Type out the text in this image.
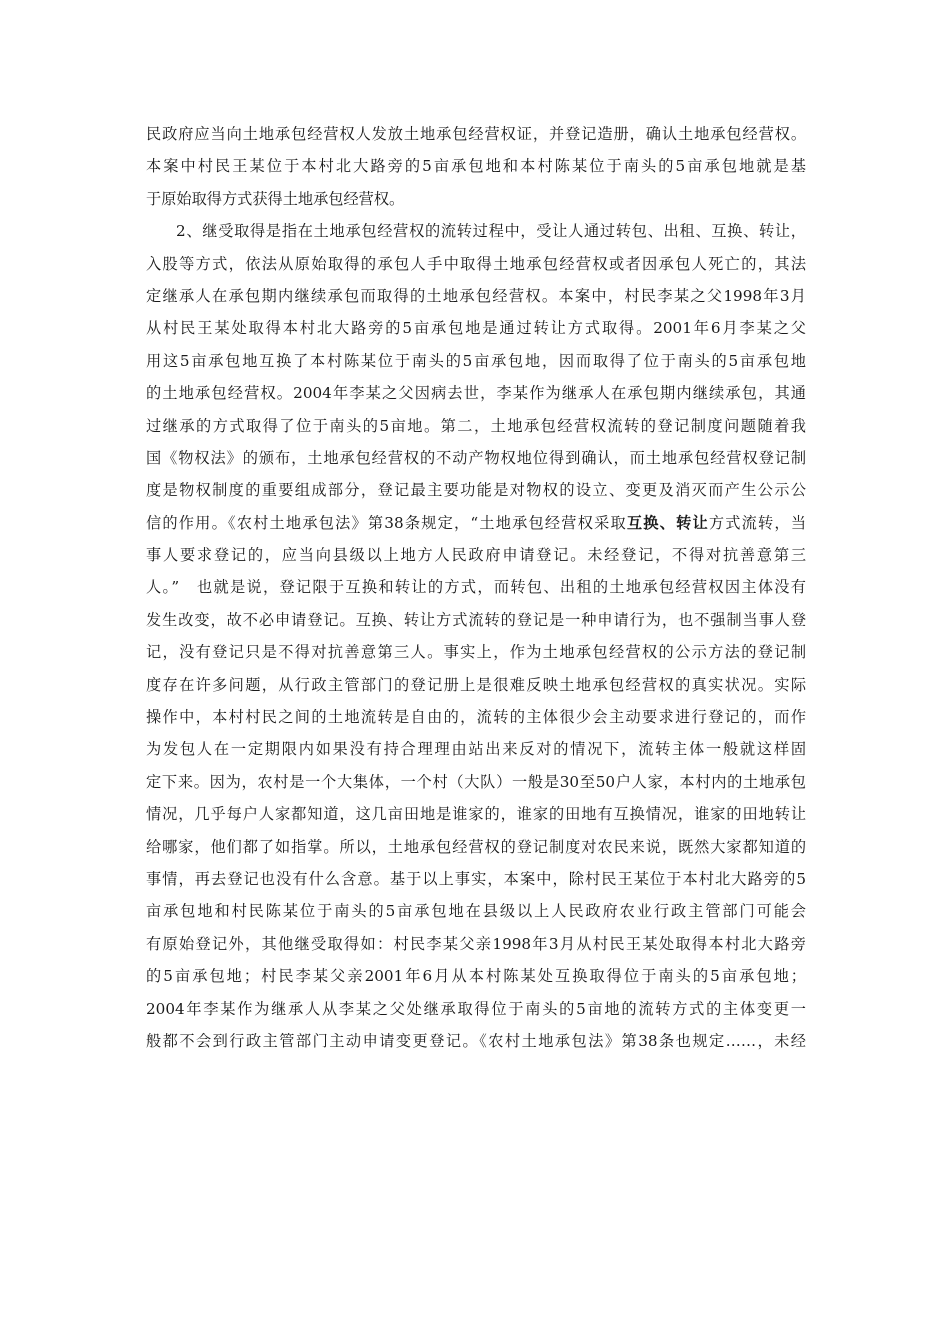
民政府应当向土地承包经营权人发放土地承包经营权证，并登记造册，确认土地承包经营权。
本案中村民王某位于本村北大路旁的5亩承包地和本村陈某位于南头的5亩承包地就是基
于原始取得方式获得土地承包经营权。
2、继受取得是指在土地承包经营权的流转过程中，受让人通过转包、出租、互换、转让，
入股等方式，依法从原始取得的承包人手中取得土地承包经营权或者因承包人死亡的，其法
定继承人在承包期内继续承包而取得的土地承包经营权。本案中，村民李某之父1998年3月
从村民王某处取得本村北大路旁的5亩承包地是通过转让方式取得。2001年6月李某之父
用这5亩承包地互换了本村陈某位于南头的5亩承包地，因而取得了位于南头的5亩承包地
的土地承包经营权。2004年李某之父因病去世，李某作为继承人在承包期内继续承包，其通
过继承的方式取得了位于南头的5亩地。第二，土地承包经营权流转的登记制度问题随着我
国《物权法》的颁布，土地承包经营权的不动产物权地位得到确认，而土地承包经营权登记制
度是物权制度的重要组成部分，登记最主要功能是对物权的设立、变更及消灭而产生公示公
信的作用。《农村土地承包法》第38条规定，“土地承包经营权采取互换、转让方式流转，当
事人要求登记的，应当向县级以上地方人民政府申请登记。未经登记，不得对抗善意第三
人。”　也就是说，登记限于互换和转让的方式，而转包、出租的土地承包经营权因主体没有
发生改变，故不必申请登记。互换、转让方式流转的登记是一种申请行为，也不强制当事人登
记，没有登记只是不得对抗善意第三人。事实上，作为土地承包经营权的公示方法的登记制
度存在许多问题，从行政主管部门的登记册上是很难反映土地承包经营权的真实状况。实际
操作中，本村村民之间的土地流转是自由的，流转的主体很少会主动要求进行登记的，而作
为发包人在一定期限内如果没有持合理理由站出来反对的情况下，流转主体一般就这样固
定下来。因为，农村是一个大集体，一个村（大队）一般是30至50户人家，本村内的土地承包
情况，几乎每户人家都知道，这几亩田地是谁家的，谁家的田地有互换情况，谁家的田地转让
给哪家，他们都了如指掌。所以，土地承包经营权的登记制度对农民来说，既然大家都知道的
事情，再去登记也没有什么含意。基于以上事实，本案中，除村民王某位于本村北大路旁的5
亩承包地和村民陈某位于南头的5亩承包地在县级以上人民政府农业行政主管部门可能会
有原始登记外，其他继受取得如：村民李某父亲1998年3月从村民王某处取得本村北大路旁
的5亩承包地；村民李某父亲2001年6月从本村陈某处互换取得位于南头的5亩承包地；
2004年李某作为继承人从李某之父处继承取得位于南头的5亩地的流转方式的主体变更一
般都不会到行政主管部门主动申请变更登记。《农村土地承包法》第38条也规定……，未经
